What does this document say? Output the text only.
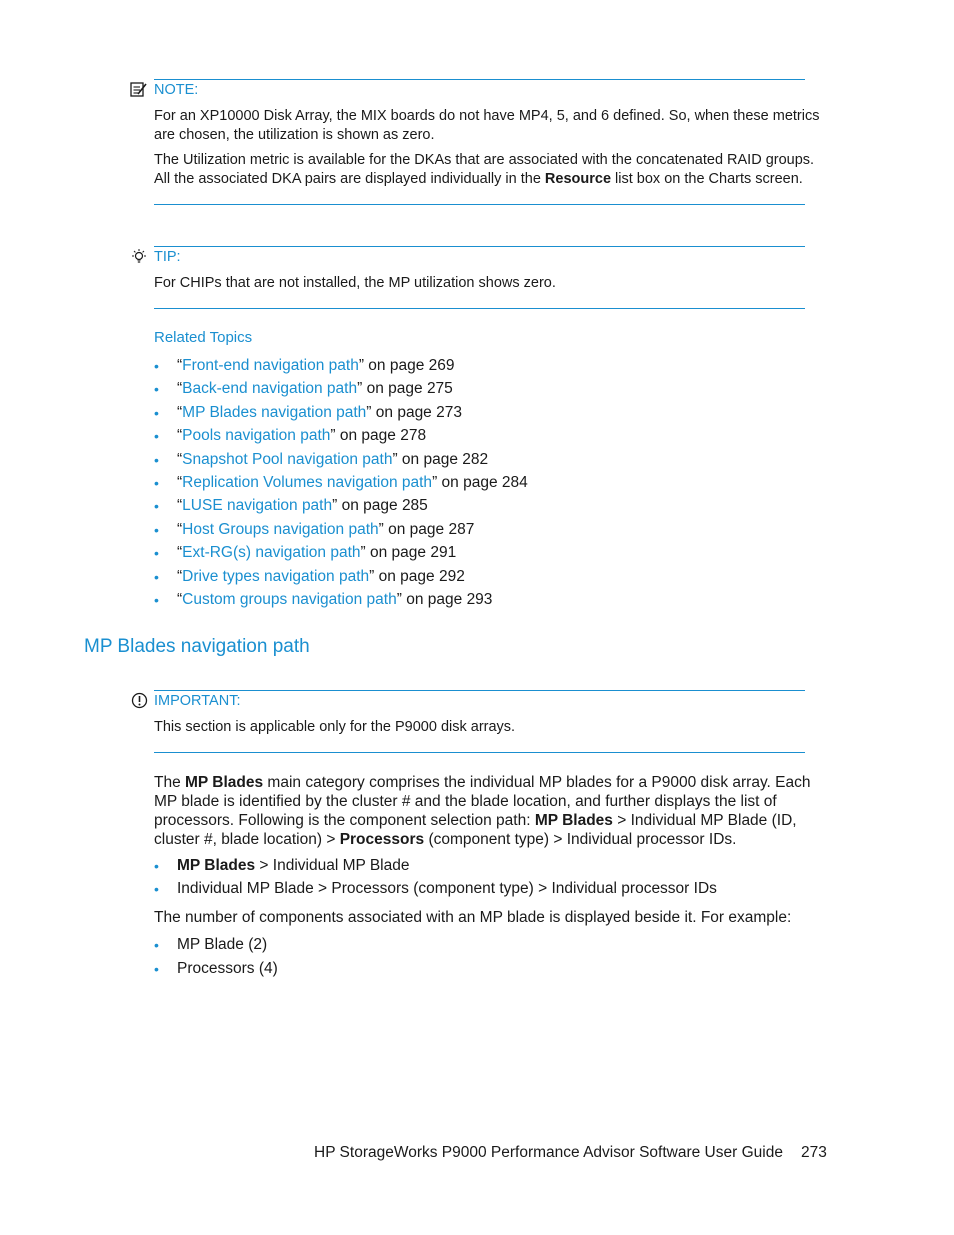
NOTE:
For an XP10000 Disk Array, the MIX boards do not have MP4, 5, and 6 defined. So, when these metrics are chosen, the utilization is shown as zero.
The Utilization metric is available for the DKAs that are associated with the concatenated RAID groups. All the associated DKA pairs are displayed individually in the Resource list box on the Charts screen.
TIP:
For CHIPs that are not installed, the MP utilization shows zero.
Related Topics
• “Front-end navigation path” on page 269
• “Back-end navigation path” on page 275
• “MP Blades navigation path” on page 273
• “Pools navigation path” on page 278
• “Snapshot Pool navigation path” on page 282
• “Replication Volumes navigation path” on page 284
• “LUSE navigation path” on page 285
• “Host Groups navigation path” on page 287
• “Ext-RG(s) navigation path” on page 291
• “Drive types navigation path” on page 292
• “Custom groups navigation path” on page 293
MP Blades navigation path
IMPORTANT:
This section is applicable only for the P9000 disk arrays.
The MP Blades main category comprises the individual MP blades for a P9000 disk array. Each MP blade is identified by the cluster # and the blade location, and further displays the list of processors. Following is the component selection path: MP Blades > Individual MP Blade (ID, cluster #, blade location) > Processors (component type) > Individual processor IDs.
• MP Blades > Individual MP Blade
• Individual MP Blade > Processors (component type) > Individual processor IDs
The number of components associated with an MP blade is displayed beside it. For example:
• MP Blade (2)
• Processors (4)
HP StorageWorks P9000 Performance Advisor Software User Guide 273
